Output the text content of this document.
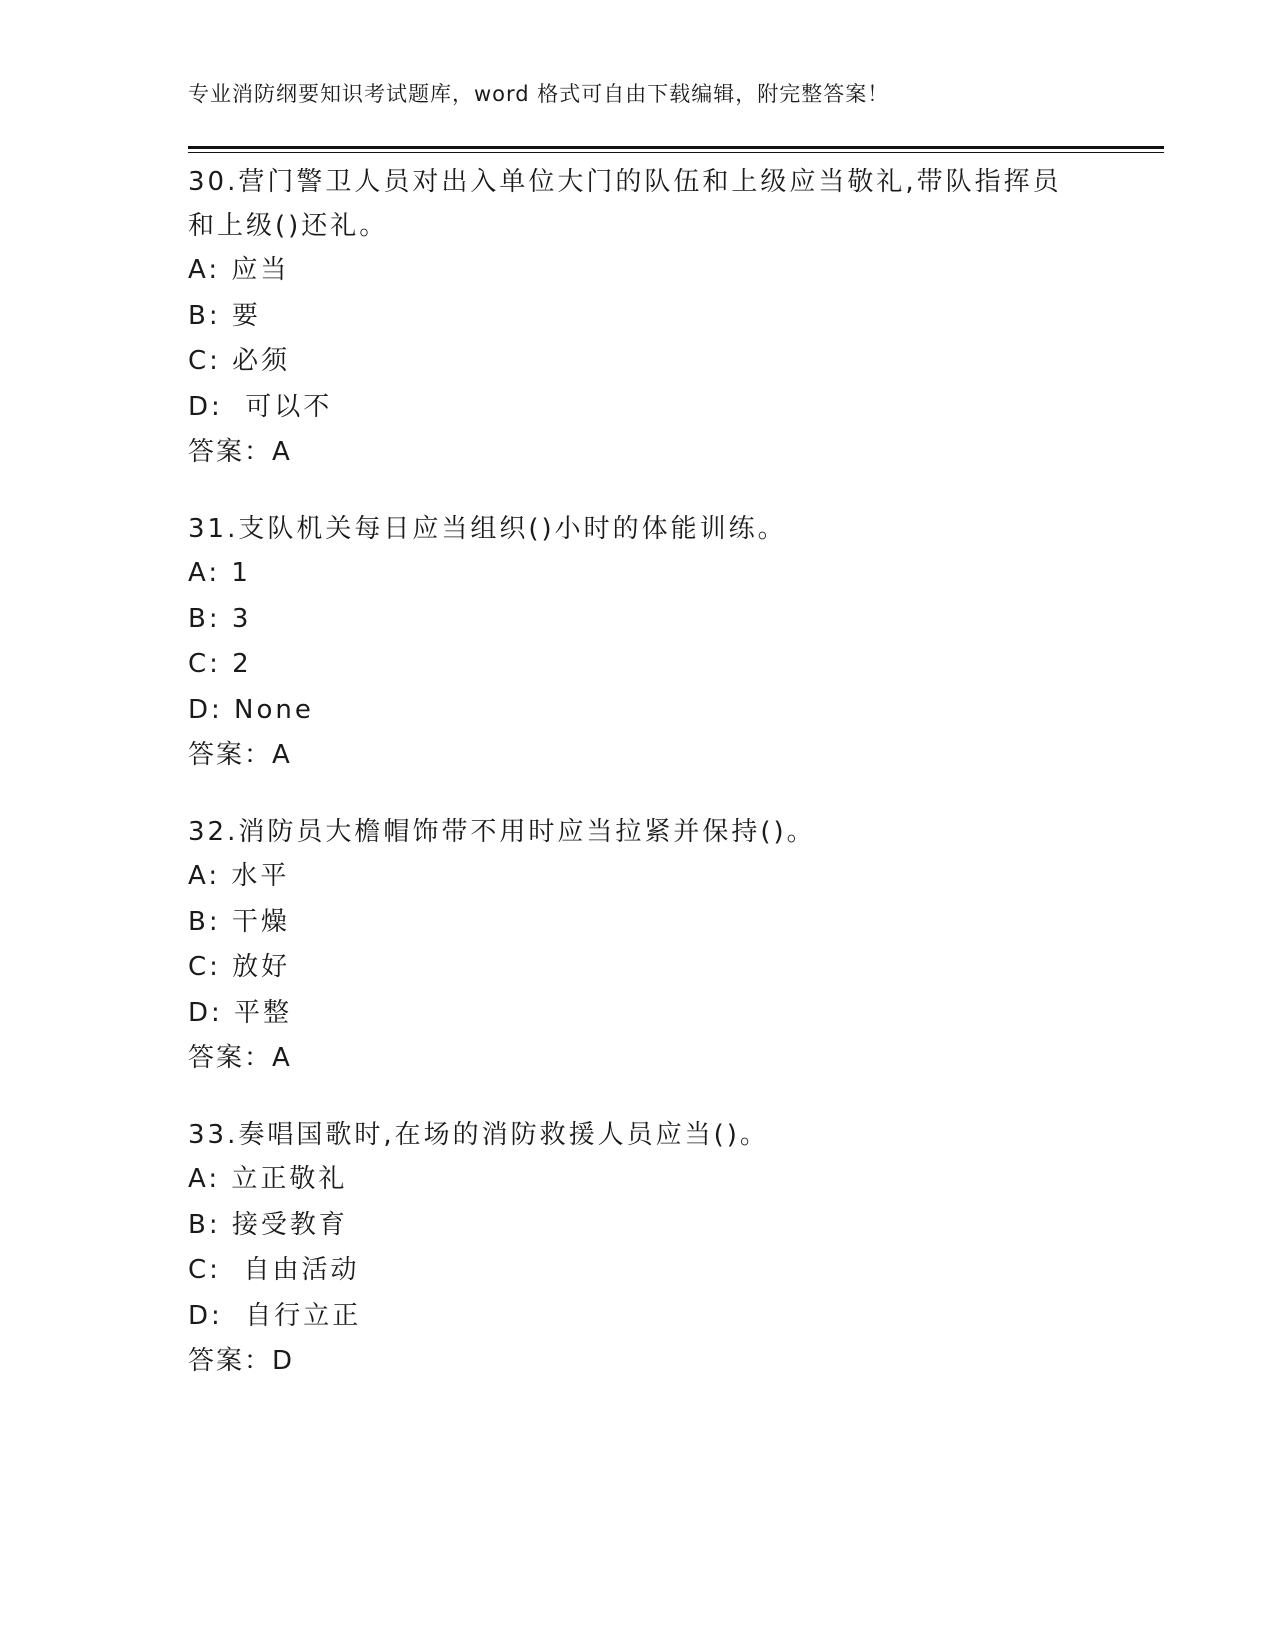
专业消防纲要知识考试题库，word 格式可自由下载编辑，附完整答案！
30.营门警卫人员对出入单位大门的队伍和上级应当敬礼,带队指挥员和上级()还礼。
A: 应当
B: 要
C: 必须
D:  可以不
答案：A
31.支队机关每日应当组织()小时的体能训练。
A: 1
B: 3
C: 2
D: None
答案：A
32.消防员大檐帽饰带不用时应当拉紧并保持()。
A: 水平
B: 干燥
C: 放好
D: 平整
答案：A
33.奏唱国歌时,在场的消防救援人员应当()。
A: 立正敬礼
B: 接受教育
C:  自由活动
D:  自行立正
答案：D
